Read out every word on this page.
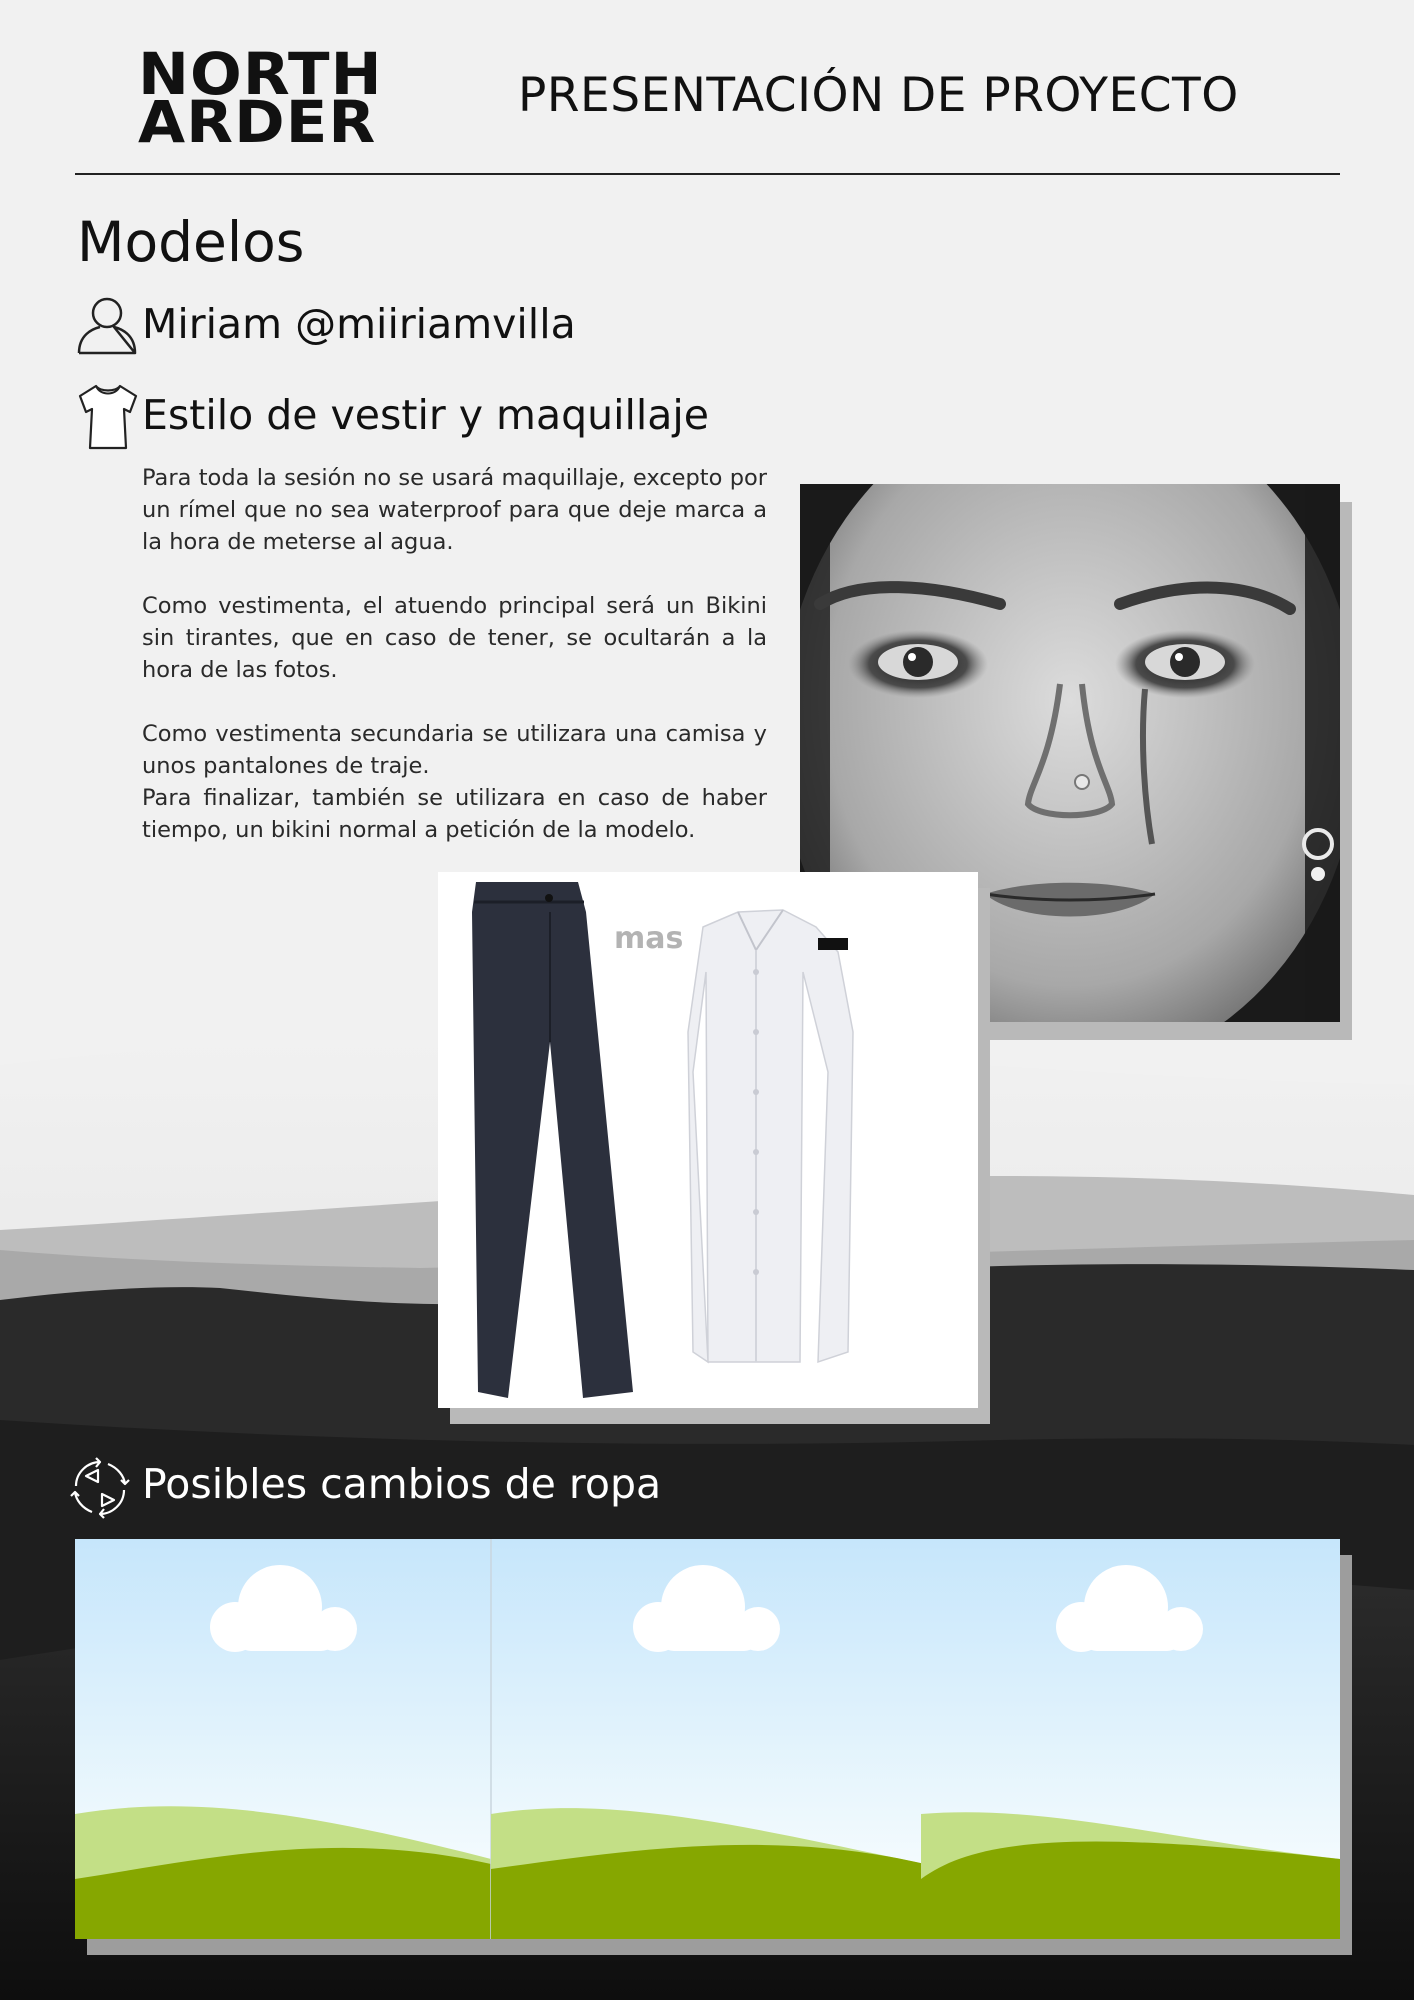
NORTH
ARDER	PRESENTACIÓN DE PROYECTO
Modelos
Miriam @miiriamvilla
Estilo de vestir y maquillaje

Para toda la sesión no se usará maquillaje, excepto por un rímel que no sea waterproof para que deje marca a la hora de meterse al agua.

Como vestimenta, el atuendo principal será un Bikini sin tirantes, que en caso de tener, se ocultarán a la hora de las fotos.

Como vestimenta secundaria se utilizara una camisa y unos pantalones de traje.

Para finalizar, también se utilizara en caso de haber tiempo, un bikini normal a petición de la modelo.

mas
Posibles cambios de ropa
